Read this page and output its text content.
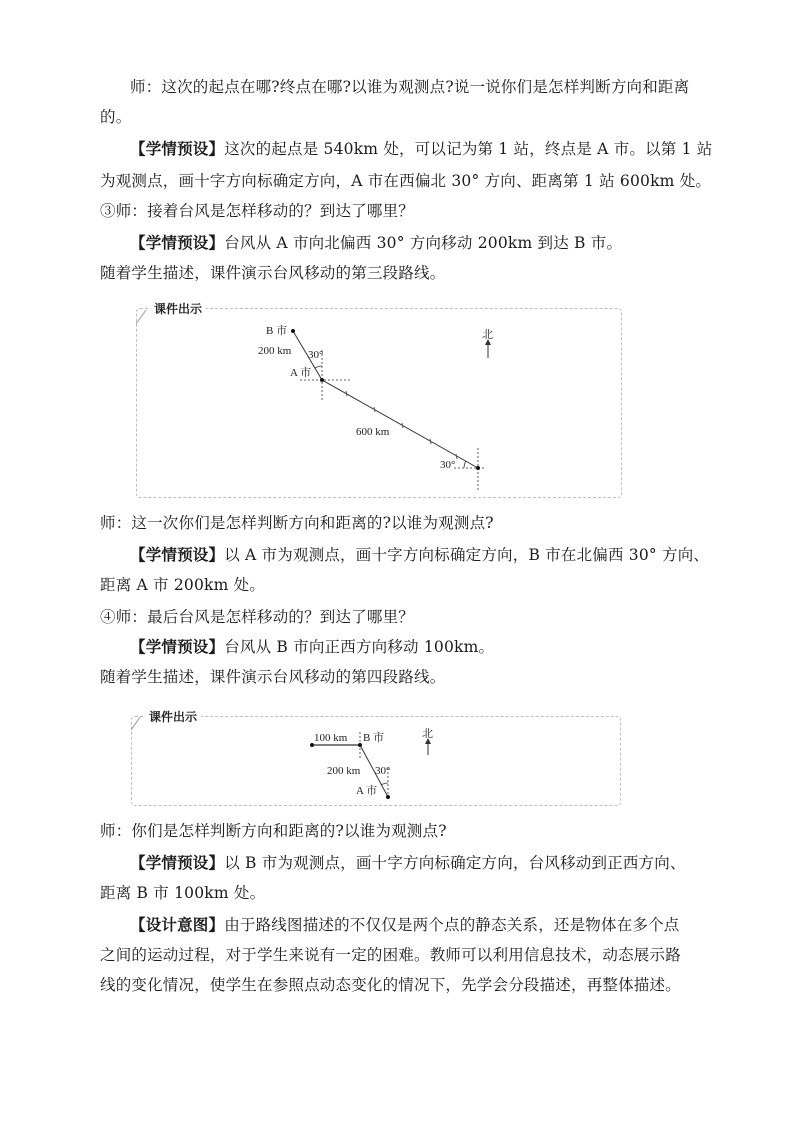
师：这次的起点在哪?终点在哪?以谁为观测点?说一说你们是怎样判断方向和距离
的。
【学情预设】这次的起点是 540km 处，可以记为第 1 站，终点是 A 市。以第 1 站
为观测点，画十字方向标确定方向，A 市在西偏北 30° 方向、距离第 1 站 600km 处。
③师：接着台风是怎样移动的？到达了哪里？
【学情预设】台风从 A 市向北偏西 30° 方向移动 200km 到达 B 市。
随着学生描述，课件演示台风移动的第三段路线。
课件出示
B 市
200 km 30°
A 市
600 km
30°
北
师：这一次你们是怎样判断方向和距离的?以谁为观测点?
【学情预设】以 A 市为观测点，画十字方向标确定方向，B 市在北偏西 30° 方向、
距离 A 市 200km 处。
④师：最后台风是怎样移动的？到达了哪里？
【学情预设】台风从 B 市向正西方向移动 100km。
随着学生描述，课件演示台风移动的第四段路线。
课件出示
100 km B 市	北
200 km 30°
A 市
师：你们是怎样判断方向和距离的?以谁为观测点?
【学情预设】以 B 市为观测点，画十字方向标确定方向，台风移动到正西方向、
距离 B 市 100km 处。
【设计意图】由于路线图描述的不仅仅是两个点的静态关系，还是物体在多个点
之间的运动过程，对于学生来说有一定的困难。教师可以利用信息技术，动态展示路
线的变化情况，使学生在参照点动态变化的情况下，先学会分段描述，再整体描述。
